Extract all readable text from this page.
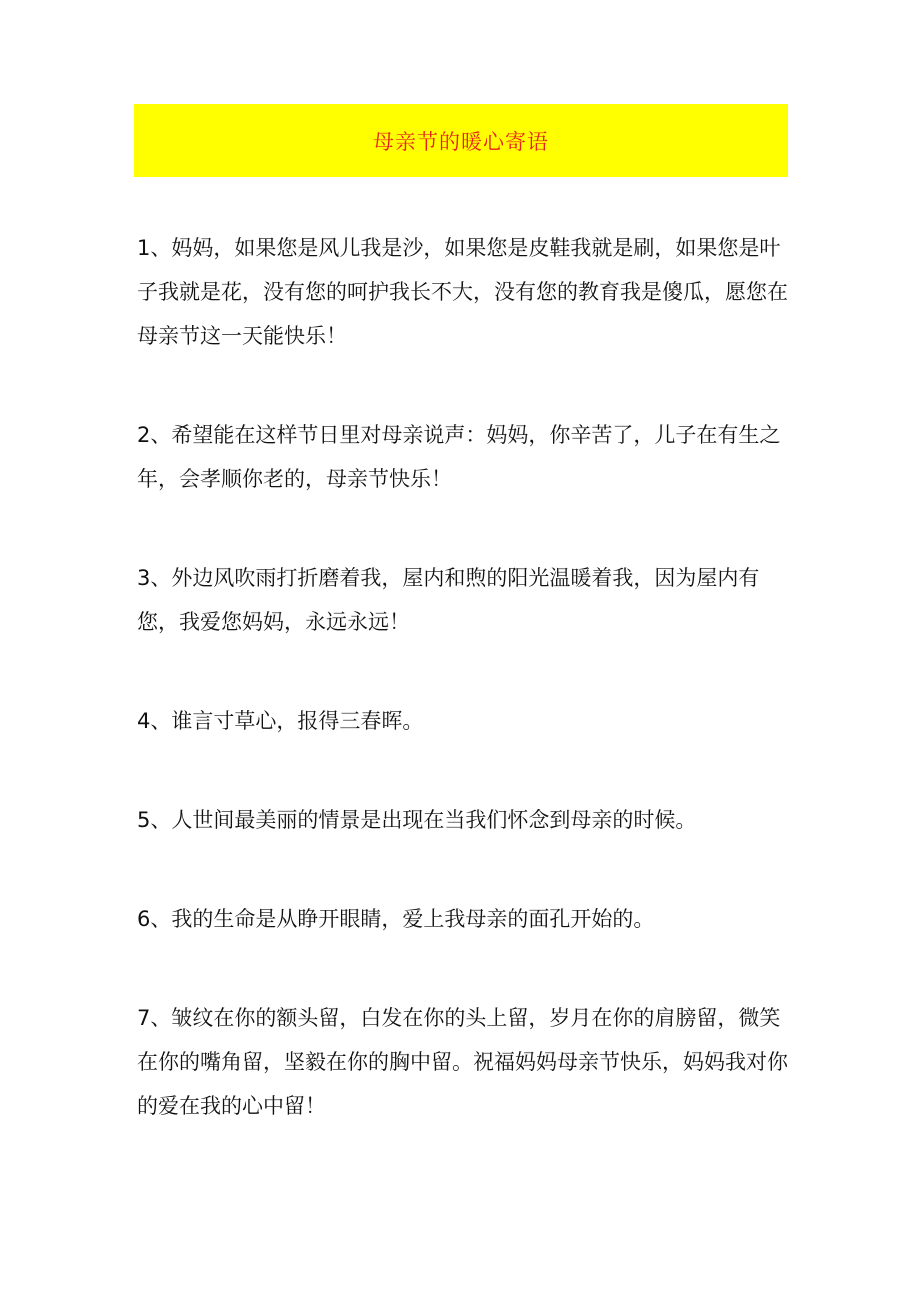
母亲节的暖心寄语

1、妈妈，如果您是风儿我是沙，如果您是皮鞋我就是刷，如果您是叶子我就是花，没有您的呵护我长不大，没有您的教育我是傻瓜，愿您在母亲节这一天能快乐！

2、希望能在这样节日里对母亲说声：妈妈，你辛苦了，儿子在有生之年，会孝顺你老的，母亲节快乐！

3、外边风吹雨打折磨着我，屋内和煦的阳光温暖着我，因为屋内有您，我爱您妈妈，永远永远！

4、谁言寸草心，报得三春晖。

5、人世间最美丽的情景是出现在当我们怀念到母亲的时候。

6、我的生命是从睁开眼睛，爱上我母亲的面孔开始的。

7、皱纹在你的额头留，白发在你的头上留，岁月在你的肩膀留，微笑在你的嘴角留，坚毅在你的胸中留。祝福妈妈母亲节快乐，妈妈我对你的爱在我的心中留！
